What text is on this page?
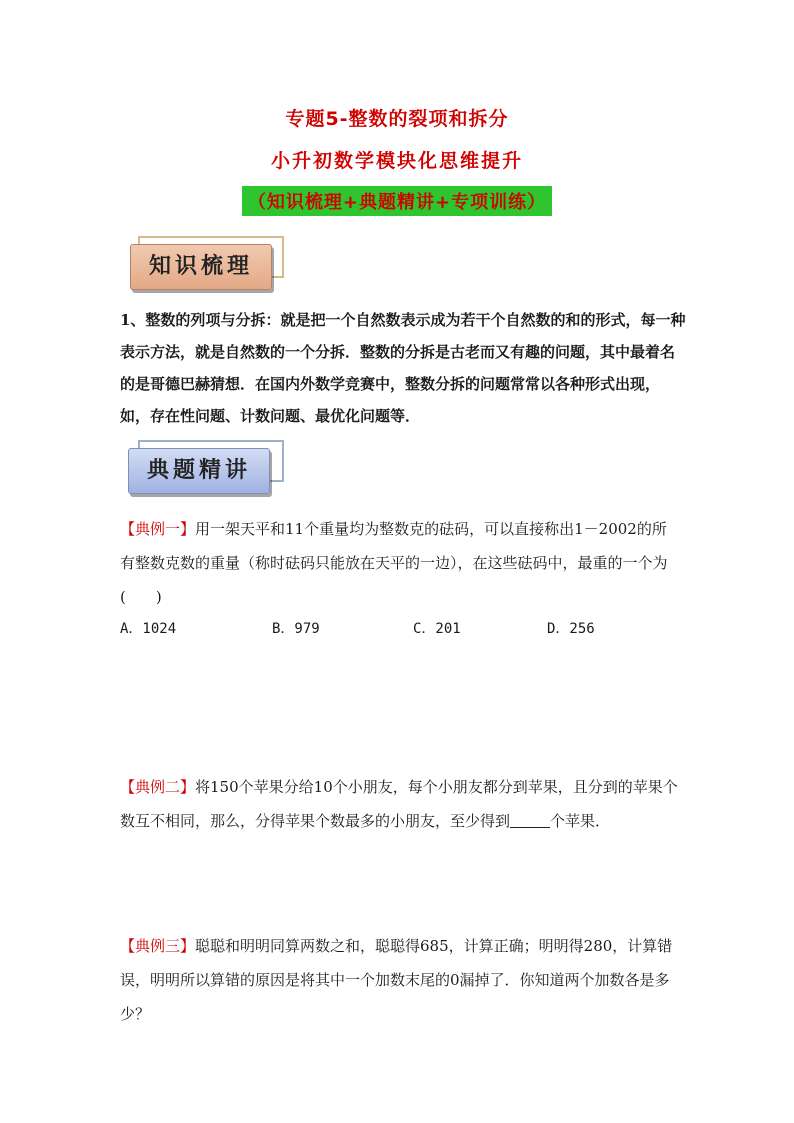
专题5-整数的裂项和拆分
小升初数学模块化思维提升
（知识梳理+典题精讲+专项训练）
知识梳理
1、整数的列项与分拆：就是把一个自然数表示成为若干个自然数的和的形式，每一种表示方法，就是自然数的一个分拆．整数的分拆是古老而又有趣的问题，其中最着名的是哥德巴赫猜想．在国内外数学竞赛中，整数分拆的问题常常以各种形式出现，如，存在性问题、计数问题、最优化问题等．
典题精讲
【典例一】用一架天平和11个重量均为整数克的砝码，可以直接称出1－2002的所有整数克数的重量（称时砝码只能放在天平的一边），在这些砝码中，最重的一个为(　　)
A．1024	B．979	C．201	D．256
【典例二】将150个苹果分给10个小朋友，每个小朋友都分到苹果，且分到的苹果个数互不相同，那么，分得苹果个数最多的小朋友，至少得到	个苹果．
【典例三】聪聪和明明同算两数之和，聪聪得685，计算正确；明明得280，计算错误，明明所以算错的原因是将其中一个加数末尾的0漏掉了．你知道两个加数各是多少？
